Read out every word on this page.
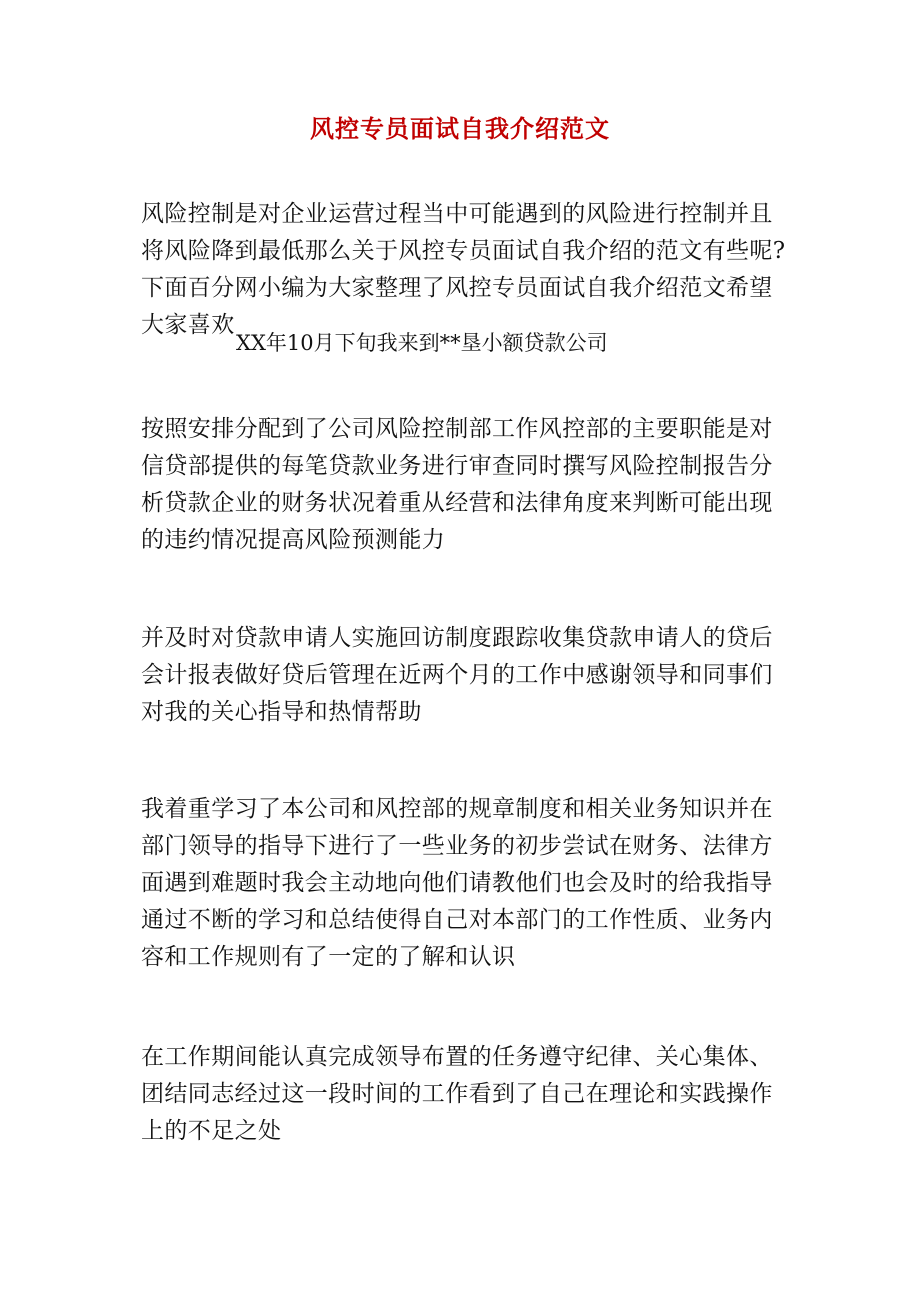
风控专员面试自我介绍范文

风险控制是对企业运营过程当中可能遇到的风险进行控制并且将风险降到最低那么关于风控专员面试自我介绍的范文有些呢?下面百分网小编为大家整理了风控专员面试自我介绍范文希望大家喜欢

XX年10月下旬我来到**垦小额贷款公司

按照安排分配到了公司风险控制部工作风控部的主要职能是对信贷部提供的每笔贷款业务进行审查同时撰写风险控制报告分析贷款企业的财务状况着重从经营和法律角度来判断可能出现的违约情况提高风险预测能力

并及时对贷款申请人实施回访制度跟踪收集贷款申请人的贷后会计报表做好贷后管理在近两个月的工作中感谢领导和同事们对我的关心指导和热情帮助

我着重学习了本公司和风控部的规章制度和相关业务知识并在部门领导的指导下进行了一些业务的初步尝试在财务、法律方面遇到难题时我会主动地向他们请教他们也会及时的给我指导通过不断的学习和总结使得自己对本部门的工作性质、业务内容和工作规则有了一定的了解和认识

在工作期间能认真完成领导布置的任务遵守纪律、关心集体、团结同志经过这一段时间的工作看到了自己在理论和实践操作上的不足之处
